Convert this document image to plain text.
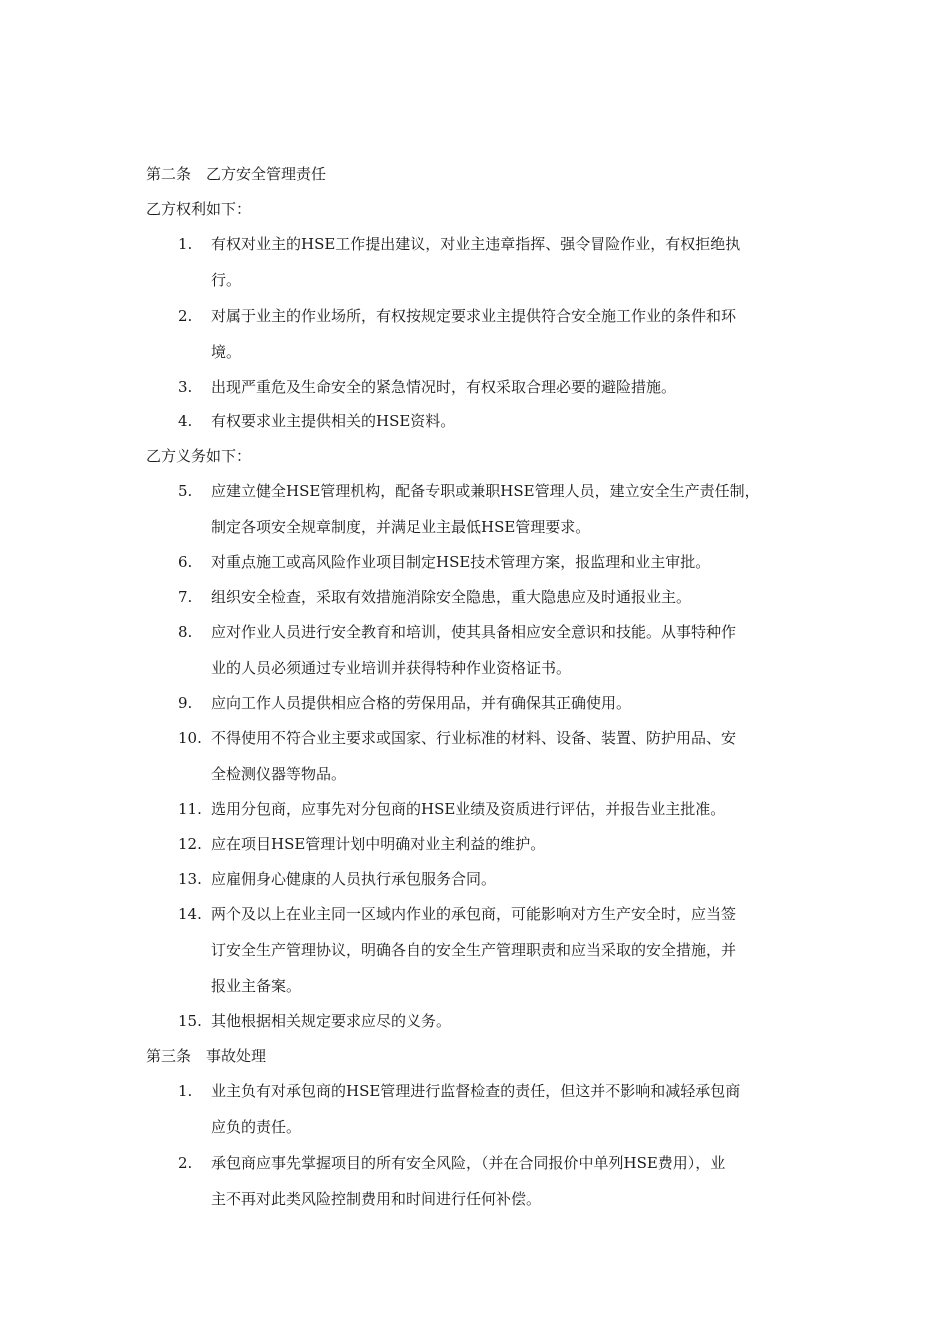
第二条　乙方安全管理责任
乙方权利如下：
1. 有权对业主的HSE工作提出建议，对业主违章指挥、强令冒险作业，有权拒绝执
行。
2. 对属于业主的作业场所，有权按规定要求业主提供符合安全施工作业的条件和环
境。
3. 出现严重危及生命安全的紧急情况时，有权采取合理必要的避险措施。
4. 有权要求业主提供相关的HSE资料。
乙方义务如下：
5. 应建立健全HSE管理机构，配备专职或兼职HSE管理人员，建立安全生产责任制，
制定各项安全规章制度，并满足业主最低HSE管理要求。
6. 对重点施工或高风险作业项目制定HSE技术管理方案，报监理和业主审批。
7. 组织安全检查，采取有效措施消除安全隐患，重大隐患应及时通报业主。
8. 应对作业人员进行安全教育和培训，使其具备相应安全意识和技能。从事特种作
业的人员必须通过专业培训并获得特种作业资格证书。
9. 应向工作人员提供相应合格的劳保用品，并有确保其正确使用。
10. 不得使用不符合业主要求或国家、行业标准的材料、设备、装置、防护用品、安
全检测仪器等物品。
11. 选用分包商，应事先对分包商的HSE业绩及资质进行评估，并报告业主批准。
12. 应在项目HSE管理计划中明确对业主利益的维护。
13. 应雇佣身心健康的人员执行承包服务合同。
14. 两个及以上在业主同一区域内作业的承包商，可能影响对方生产安全时，应当签
订安全生产管理协议，明确各自的安全生产管理职责和应当采取的安全措施，并
报业主备案。
15. 其他根据相关规定要求应尽的义务。
第三条　事故处理
1. 业主负有对承包商的HSE管理进行监督检查的责任，但这并不影响和减轻承包商
应负的责任。
2. 承包商应事先掌握项目的所有安全风险，（并在合同报价中单列HSE费用），业
主不再对此类风险控制费用和时间进行任何补偿。
